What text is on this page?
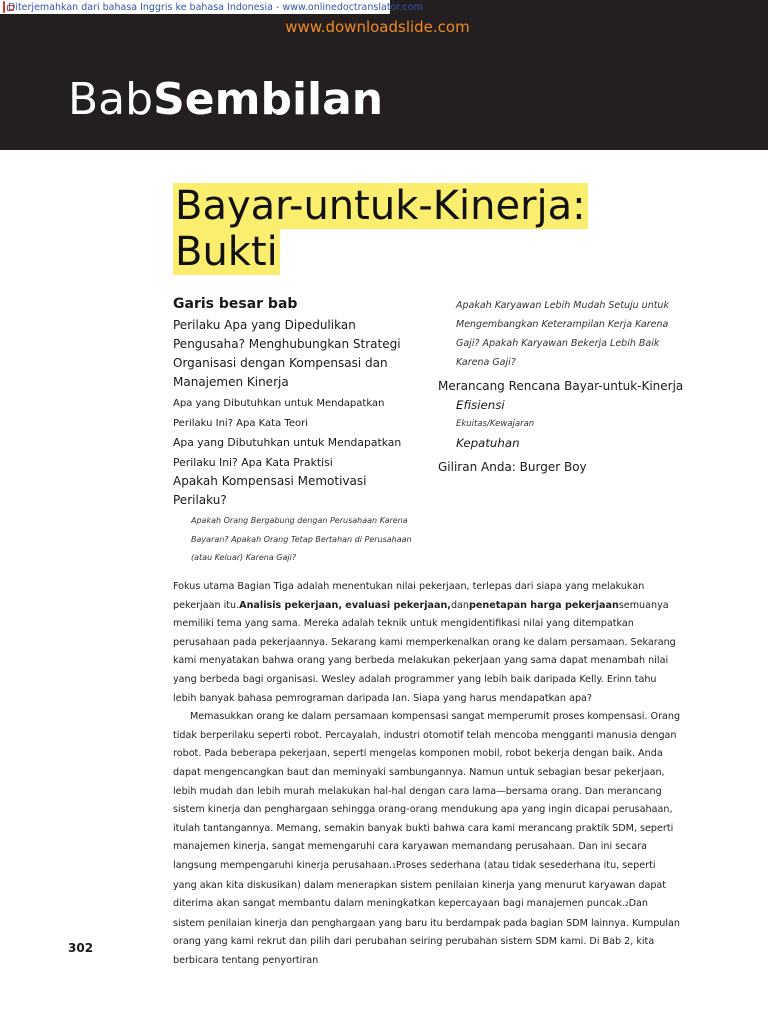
Diterjemahkan dari bahasa Inggris ke bahasa Indonesia - www.onlinedoctranslator.com
www.downloadslide.com
BabSembilan
Bayar-untuk-Kinerja:
Bukti
Garis besar bab
Perilaku Apa yang Dipedulikan Pengusaha? Menghubungkan Strategi Organisasi dengan Kompensasi dan Manajemen Kinerja
Apa yang Dibutuhkan untuk Mendapatkan Perilaku Ini? Apa Kata Teori
Apa yang Dibutuhkan untuk Mendapatkan Perilaku Ini? Apa Kata Praktisi
Apakah Kompensasi Memotivasi Perilaku?
Apakah Orang Bergabung dengan Perusahaan Karena Bayaran? Apakah Orang Tetap Bertahan di Perusahaan (atau Keluar) Karena Gaji?
Apakah Karyawan Lebih Mudah Setuju untuk Mengembangkan Keterampilan Kerja Karena Gaji? Apakah Karyawan Bekerja Lebih Baik Karena Gaji?
Merancang Rencana Bayar-untuk-Kinerja
Efisiensi
Ekuitas/Kewajaran
Kepatuhan
Giliran Anda: Burger Boy

Fokus utama Bagian Tiga adalah menentukan nilai pekerjaan, terlepas dari siapa yang melakukan pekerjaan itu.Analisis pekerjaan, evaluasi pekerjaan,danpenetapan harga pekerjaansemuanya memiliki tema yang sama. Mereka adalah teknik untuk mengidentifikasi nilai yang ditempatkan perusahaan pada pekerjaannya. Sekarang kami memperkenalkan orang ke dalam persamaan. Sekarang kami menyatakan bahwa orang yang berbeda melakukan pekerjaan yang sama dapat menambah nilai yang berbeda bagi organisasi. Wesley adalah programmer yang lebih baik daripada Kelly. Erinn tahu lebih banyak bahasa pemrograman daripada Ian. Siapa yang harus mendapatkan apa?

Memasukkan orang ke dalam persamaan kompensasi sangat memperumit proses kompensasi. Orang tidak berperilaku seperti robot. Percayalah, industri otomotif telah mencoba mengganti manusia dengan robot. Pada beberapa pekerjaan, seperti mengelas komponen mobil, robot bekerja dengan baik. Anda dapat mengencangkan baut dan meminyaki sambungannya. Namun untuk sebagian besar pekerjaan, lebih mudah dan lebih murah melakukan hal-hal dengan cara lama—bersama orang. Dan merancang sistem kinerja dan penghargaan sehingga orang-orang mendukung apa yang ingin dicapai perusahaan, itulah tantangannya. Memang, semakin banyak bukti bahwa cara kami merancang praktik SDM, seperti manajemen kinerja, sangat memengaruhi cara karyawan memandang perusahaan. Dan ini secara langsung mempengaruhi kinerja perusahaan.1Proses sederhana (atau tidak sesederhana itu, seperti yang akan kita diskusikan) dalam menerapkan sistem penilaian kinerja yang menurut karyawan dapat diterima akan sangat membantu dalam meningkatkan kepercayaan bagi manajemen puncak.2Dan sistem penilaian kinerja dan penghargaan yang baru itu berdampak pada bagian SDM lainnya. Kumpulan orang yang kami rekrut dan pilih dari perubahan seiring perubahan sistem SDM kami. Di Bab 2, kita berbicara tentang penyortiran

302
